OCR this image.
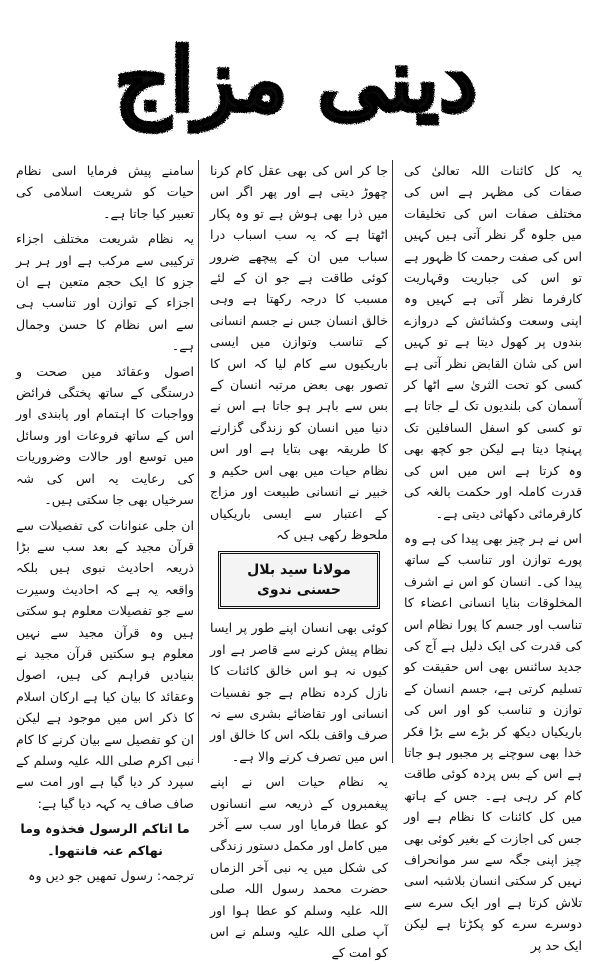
دینی مزاج

یہ کل کائنات اللہ تعالیٰ کی صفات کی مظہر ہے اس کی مختلف صفات اس کی تخلیقات میں جلوہ گر نظر آتی ہیں کہیں اس کی صفت رحمت کا ظہور ہے تو اس کی جباریت وقہاریت کارفرما نظر آتی ہے کہیں وہ اپنی وسعت وکشائش کے دروازے بندوں پر کھول دیتا ہے تو کہیں اس کی شان القابض نظر آتی ہے کسی کو تحت الثریٰ سے اٹھا کر آسمان کی بلندیوں تک لے جاتا ہے تو کسی کو اسفل السافلین تک پہنچا دیتا ہے لیکن جو کچھ بھی وہ کرتا ہے اس میں اس کی قدرت کاملہ اور حکمت بالغہ کی کارفرمائی دکھائی دیتی ہے۔

اس نے ہر چیز بھی پیدا کی ہے وہ پورے توازن اور تناسب کے ساتھ پیدا کی۔ انسان کو اس نے اشرف المخلوقات بنایا انسانی اعضاء کا تناسب اور جسم کا پورا نظام اس کی قدرت کی ایک دلیل ہے آج کی جدید سائنس بھی اس حقیقت کو تسلیم کرتی ہے، جسم انسان کے توازن و تناسب کو اور اس کی باریکیاں دیکھ کر بڑے سے بڑا فکر خدا بھی سوچنے پر مجبور ہو جاتا ہے اس کے بس پردہ کوئی طاقت کام کر رہی ہے۔ جس کے ہاتھ میں کل کائنات کا نظام ہے اور جس کی اجازت کے بغیر کوئی بھی چیز اپنی جگہ سے سر موانحراف نہیں کر سکتی انسان بلاشبہ اسی تلاش کرتا ہے اور ایک سرے سے دوسرے سرے کو پکڑتا ہے لیکن ایک حد پر

جا کر اس کی بھی عقل کام کرنا چھوڑ دیتی ہے اور پھر اگر اس میں ذرا بھی ہوش ہے تو وہ پکار اٹھتا ہے کہ یہ سب اسباب درا سباب میں ان کے پیچھے ضرور کوئی طاقت ہے جو ان کے لئے مسبب کا درجہ رکھتا ہے وہی خالق انسان جس نے جسم انسانی کے تناسب وتوازن میں ایسی باریکیوں سے کام لیا کہ اس کا تصور بھی بعض مرتبہ انسان کے بس سے باہر ہو جاتا ہے اس نے دنیا میں انسان کو زندگی گزارنے کا طریقہ بھی بتایا ہے اور اس نظام حیات میں بھی اس حکیم و خبیر نے انسانی طبیعت اور مزاج کے اعتبار سے ایسی باریکیاں ملحوظ رکھی ہیں کہ

مولانا سید بلال حسنی ندوی

کوئی بھی انسان اپنے طور پر ایسا نظام پیش کرنے سے قاصر ہے اور کیوں نہ ہو اس خالق کائنات کا نازل کردہ نظام ہے جو نفسیات انسانی اور تقاضائے بشری سے نہ صرف واقف بلکہ اس کا خالق اور اس میں تصرف کرنے والا ہے۔

یہ نظام حیات اس نے اپنے پیغمبروں کے ذریعہ سے انسانوں کو عطا فرمایا اور سب سے آخر میں کامل اور مکمل دستور زندگی کی شکل میں یہ نبی آخر الزماں حضرت محمد رسول اللہ صلی اللہ علیہ وسلم کو عطا ہوا اور آپ صلی اللہ علیہ وسلم نے اس کو امت کے

سامنے پیش فرمایا اسی نظام حیات کو شریعت اسلامی کی تعبیر کیا جاتا ہے۔

یہ نظام شریعت مختلف اجزاء ترکیبی سے مرکب ہے اور ہر ہر جزو کا ایک حجم متعین ہے ان اجزاء کے توازن اور تناسب ہی سے اس نظام کا حسن وجمال ہے۔

اصول وعقائد میں صحت و درستگی کے ساتھ پختگی فرائض وواجبات کا اہتمام اور پابندی اور اس کے ساتھ فروعات اور وسائل میں توسع اور حالات وضروریات کی رعایت یہ اس کی شہ سرخیاں بھی جا سکتی ہیں۔

ان جلی عنوانات کی تفصیلات سے قرآن مجید کے بعد سب سے بڑا ذریعہ احادیث نبوی ہیں بلکہ واقعہ یہ ہے کہ احادیث وسیرت سے جو تفصیلات معلوم ہو سکتی ہیں وہ قرآن مجید سے نہیں معلوم ہو سکتیں قرآن مجید نے بنیادیں فراہم کی ہیں، اصول وعقائد کا بیان کیا ہے ارکان اسلام کا ذکر اس میں موجود ہے لیکن ان کو تفصیل سے بیان کرنے کا کام نبی اکرم صلی اللہ علیہ وسلم کے سپرد کر دیا گیا ہے اور امت سے صاف صاف یہ کہہ دیا گیا ہے:

ما اتاکم الرسول فخذوہ وما نھاکم عنہ فانتھوا۔

ترجمہ: رسول تمھیں جو دیں وہ
